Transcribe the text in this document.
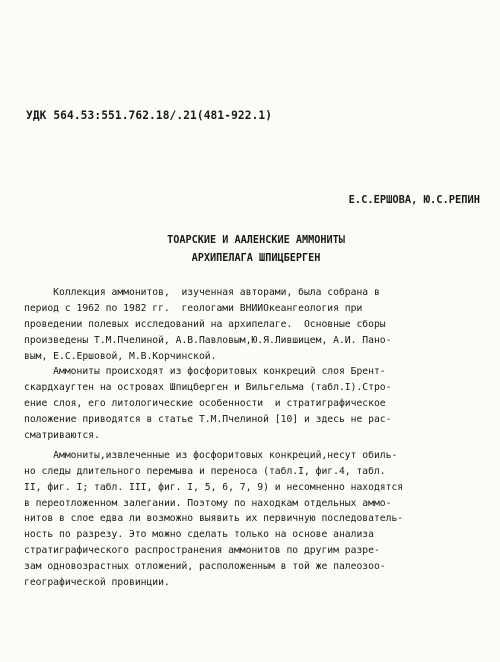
УДК 564.53:551.762.18/.21(481-922.1)
Е.С.ЕРШОВА, Ю.С.РЕПИН
ТОАРСКИЕ И ААЛЕНСКИЕ АММОНИТЫ
АРХИПЕЛАГА ШПИЦБЕРГЕН
Коллекция аммонитов,  изученная авторами, была собрана в
период с 1962 по 1982 гг.  геологами ВНИИОкеангеология при
проведении полевых исследований на архипелаге.  Основные сборы
произведены Т.М.Пчелиной, А.В.Павловым,Ю.Я.Лившицем, А.И. Пано-
вым, Е.С.Ершовой, М.В.Корчинской.
Аммониты происходят из фосфоритовых конкреций слоя Брент-
скардхаугтен на островах Шпицберген и Вильгельма (табл.I).Стро-
ение слоя, его литологические особенности  и стратиграфическое
положение приводятся в статье Т.М.Пчелиной [10] и здесь не рас-
сматриваются.
Аммониты,извлеченные из фосфоритовых конкреций,несут обиль-
но следы длительного перемыва и переноса (табл.I, фиг.4, табл.
II, фиг. I; табл. III, фиг. I, 5, 6, 7, 9) и несомненно находятся
в переотложенном залегании. Поэтому по находкам отдельных аммо-
нитов в слое едва ли возможно выявить их первичную последователь-
ность по разрезу. Это можно сделать только на основе анализа
стратиграфического распространения аммонитов по другим разре-
зам одновозрастных отложений, расположенным в той же палеозоо-
географической провинции.
